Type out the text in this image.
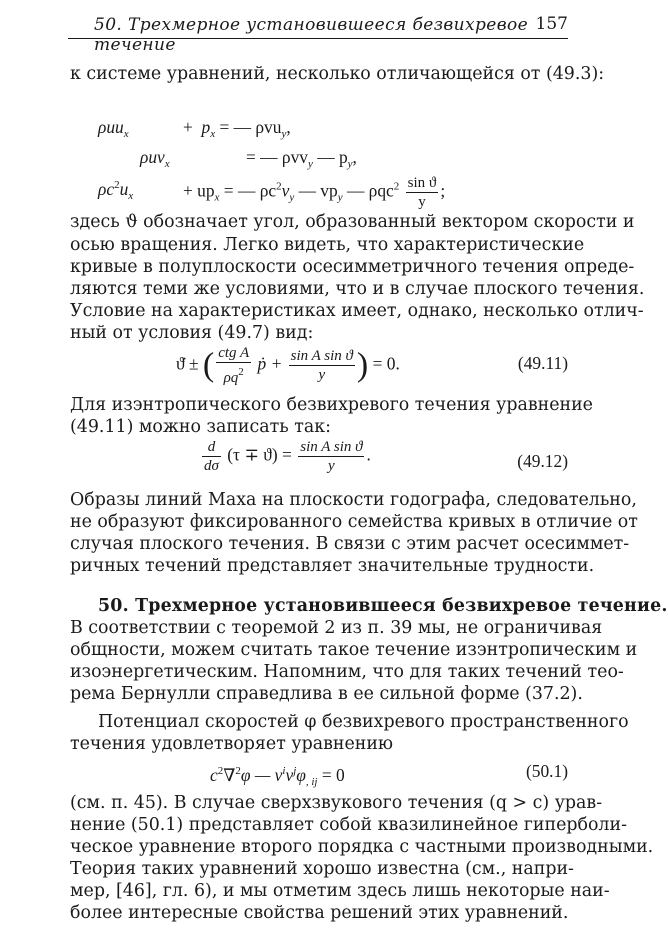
50. Трехмерное установившееся безвихревое течение
157
к системе уравнений, несколько отличающейся от (49.3):
ρuu$_x$	+ $p_x$ = — ρvu$_y$,
ρuv$_x$	= — ρvv$_y$ — $p_y$,
$\rho c^2u_x$	+ $up_x$ = — $\rho c^2v_y$ — $vp_y$ — $\rho qc^2 \frac{\text{sin ϑ}}{y}$ ;
здесь ϑ обозначает угол, образованный вектором скорости и
осью вращения. Легко видеть, что характеристические
кривые в полуплоскости осесимметричного течения опреде-
ляются теми же условиями, что и в случае плоского течения.
Условие на характеристиках имеет, однако, несколько отлич-
ный от условия (49.7) вид:
ϑ̇ ± ( $\frac{\text{ctg A}}{\rho q^2}$ ṗ + $\frac{\text{sin A sin ϑ}}{y}$ ) = 0.	(49.11)
Для изэнтропического безвихревого течения уравнение
(49.11) можно записать так:
$\frac{d}{d\sigma} (\tau \mp ϑ) = \frac{\text{sin A sin ϑ}}{y}$ .	(49.12)
Образы линий Маха на плоскости годографа, следовательно,
не образуют фиксированного семейства кривых в отличие от
случая плоского течения. В связи с этим расчет осесиммет-
ричных течений представляет значительные трудности.
50. Трехмерное установившееся безвихревое течение.
В соответствии с теоремой 2 из п. 39 мы, не ограничивая
общности, можем считать такое течение изэнтропическим и
изоэнергетическим. Напомним, что для таких течений тео-
рема Бернулли справедлива в ее сильной форме (37.2).
Потенциал скоростей φ безвихревого пространственного
течения удовлетворяет уравнению
$c^2\nabla^2\varphi$ — $v^iv^j\varphi_{, ij} = 0$	(50.1)
(см. п. 45). В случае сверхзвукового течения (q > c) урав-
нение (50.1) представляет собой квазилинейное гиперболи-
ческое уравнение второго порядка с частными производными.
Теория таких уравнений хорошо известна (см., напри-
мер, [46], гл. 6), и мы отметим здесь лишь некоторые наи-
более интересные свойства решений этих уравнений.
